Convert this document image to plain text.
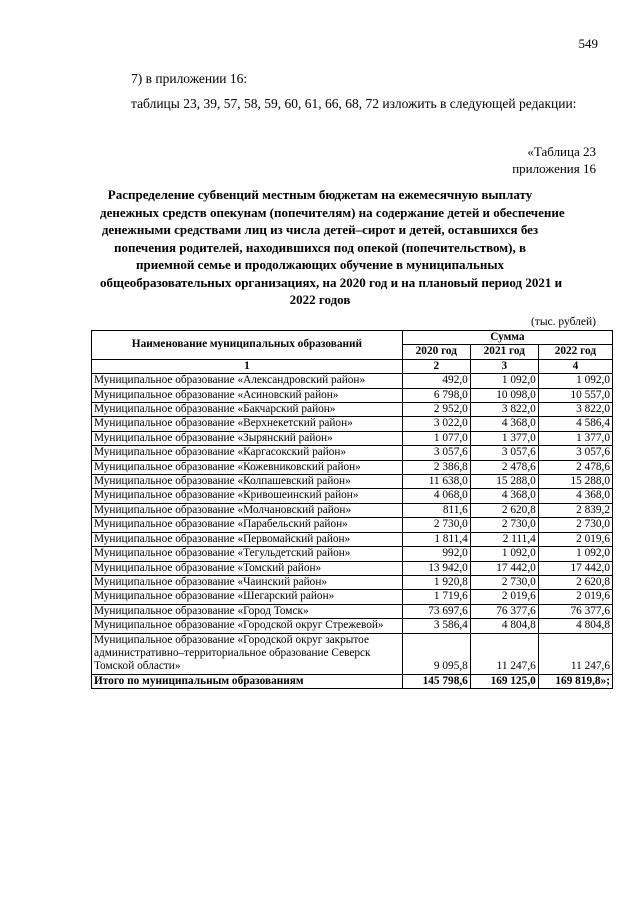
549
7) в приложении 16:
таблицы 23, 39, 57, 58, 59, 60, 61, 66, 68, 72 изложить в следующей редакции:
«Таблица 23
приложения 16
Распределение субвенций местным бюджетам на ежемесячную выплату
денежных средств опекунам (попечителям) на содержание детей и обеспечение
денежными средствами лиц из числа детей–сирот и детей, оставшихся без
попечения родителей, находившихся под опекой (попечительством), в
приемной семье и продолжающих обучение в муниципальных
общеобразовательных организациях, на 2020 год и на плановый период 2021 и
2022 годов
(тыс. рублей)
Наименование муниципальных образований	Сумма		
	2020 год	2021 год	2022 год
1	2	3	4
Муниципальное образование «Александровский район»	492,0	1 092,0	1 092,0
Муниципальное образование «Асиновский район»	6 798,0	10 098,0	10 557,0
Муниципальное образование «Бакчарский район»	2 952,0	3 822,0	3 822,0
Муниципальное образование «Верхнекетский район»	3 022,0	4 368,0	4 586,4
Муниципальное образование «Зырянский район»	1 077,0	1 377,0	1 377,0
Муниципальное образование «Каргасокский район»	3 057,6	3 057,6	3 057,6
Муниципальное образование «Кожевниковский район»	2 386,8	2 478,6	2 478,6
Муниципальное образование «Колпашевский район»	11 638,0	15 288,0	15 288,0
Муниципальное образование «Кривошеинский район»	4 068,0	4 368,0	4 368,0
Муниципальное образование «Молчановский район»	811,6	2 620,8	2 839,2
Муниципальное образование «Парабельский район»	2 730,0	2 730,0	2 730,0
Муниципальное образование «Первомайский район»	1 811,4	2 111,4	2 019,6
Муниципальное образование «Тегульдетский район»	992,0	1 092,0	1 092,0
Муниципальное образование «Томский район»	13 942,0	17 442,0	17 442,0
Муниципальное образование «Чаинский район»	1 920,8	2 730,0	2 620,8
Муниципальное образование «Шегарский район»	1 719,6	2 019,6	2 019,6
Муниципальное образование «Город Томск»	73 697,6	76 377,6	76 377,6
Муниципальное образование «Городской округ Стрежевой»	3 586,4	4 804,8	4 804,8
Муниципальное образование «Городской округ закрытое административно–территориальное образование Северск Томской области»	9 095,8	11 247,6	11 247,6
Итого по муниципальным образованиям	145 798,6	169 125,0	169 819,8»;
